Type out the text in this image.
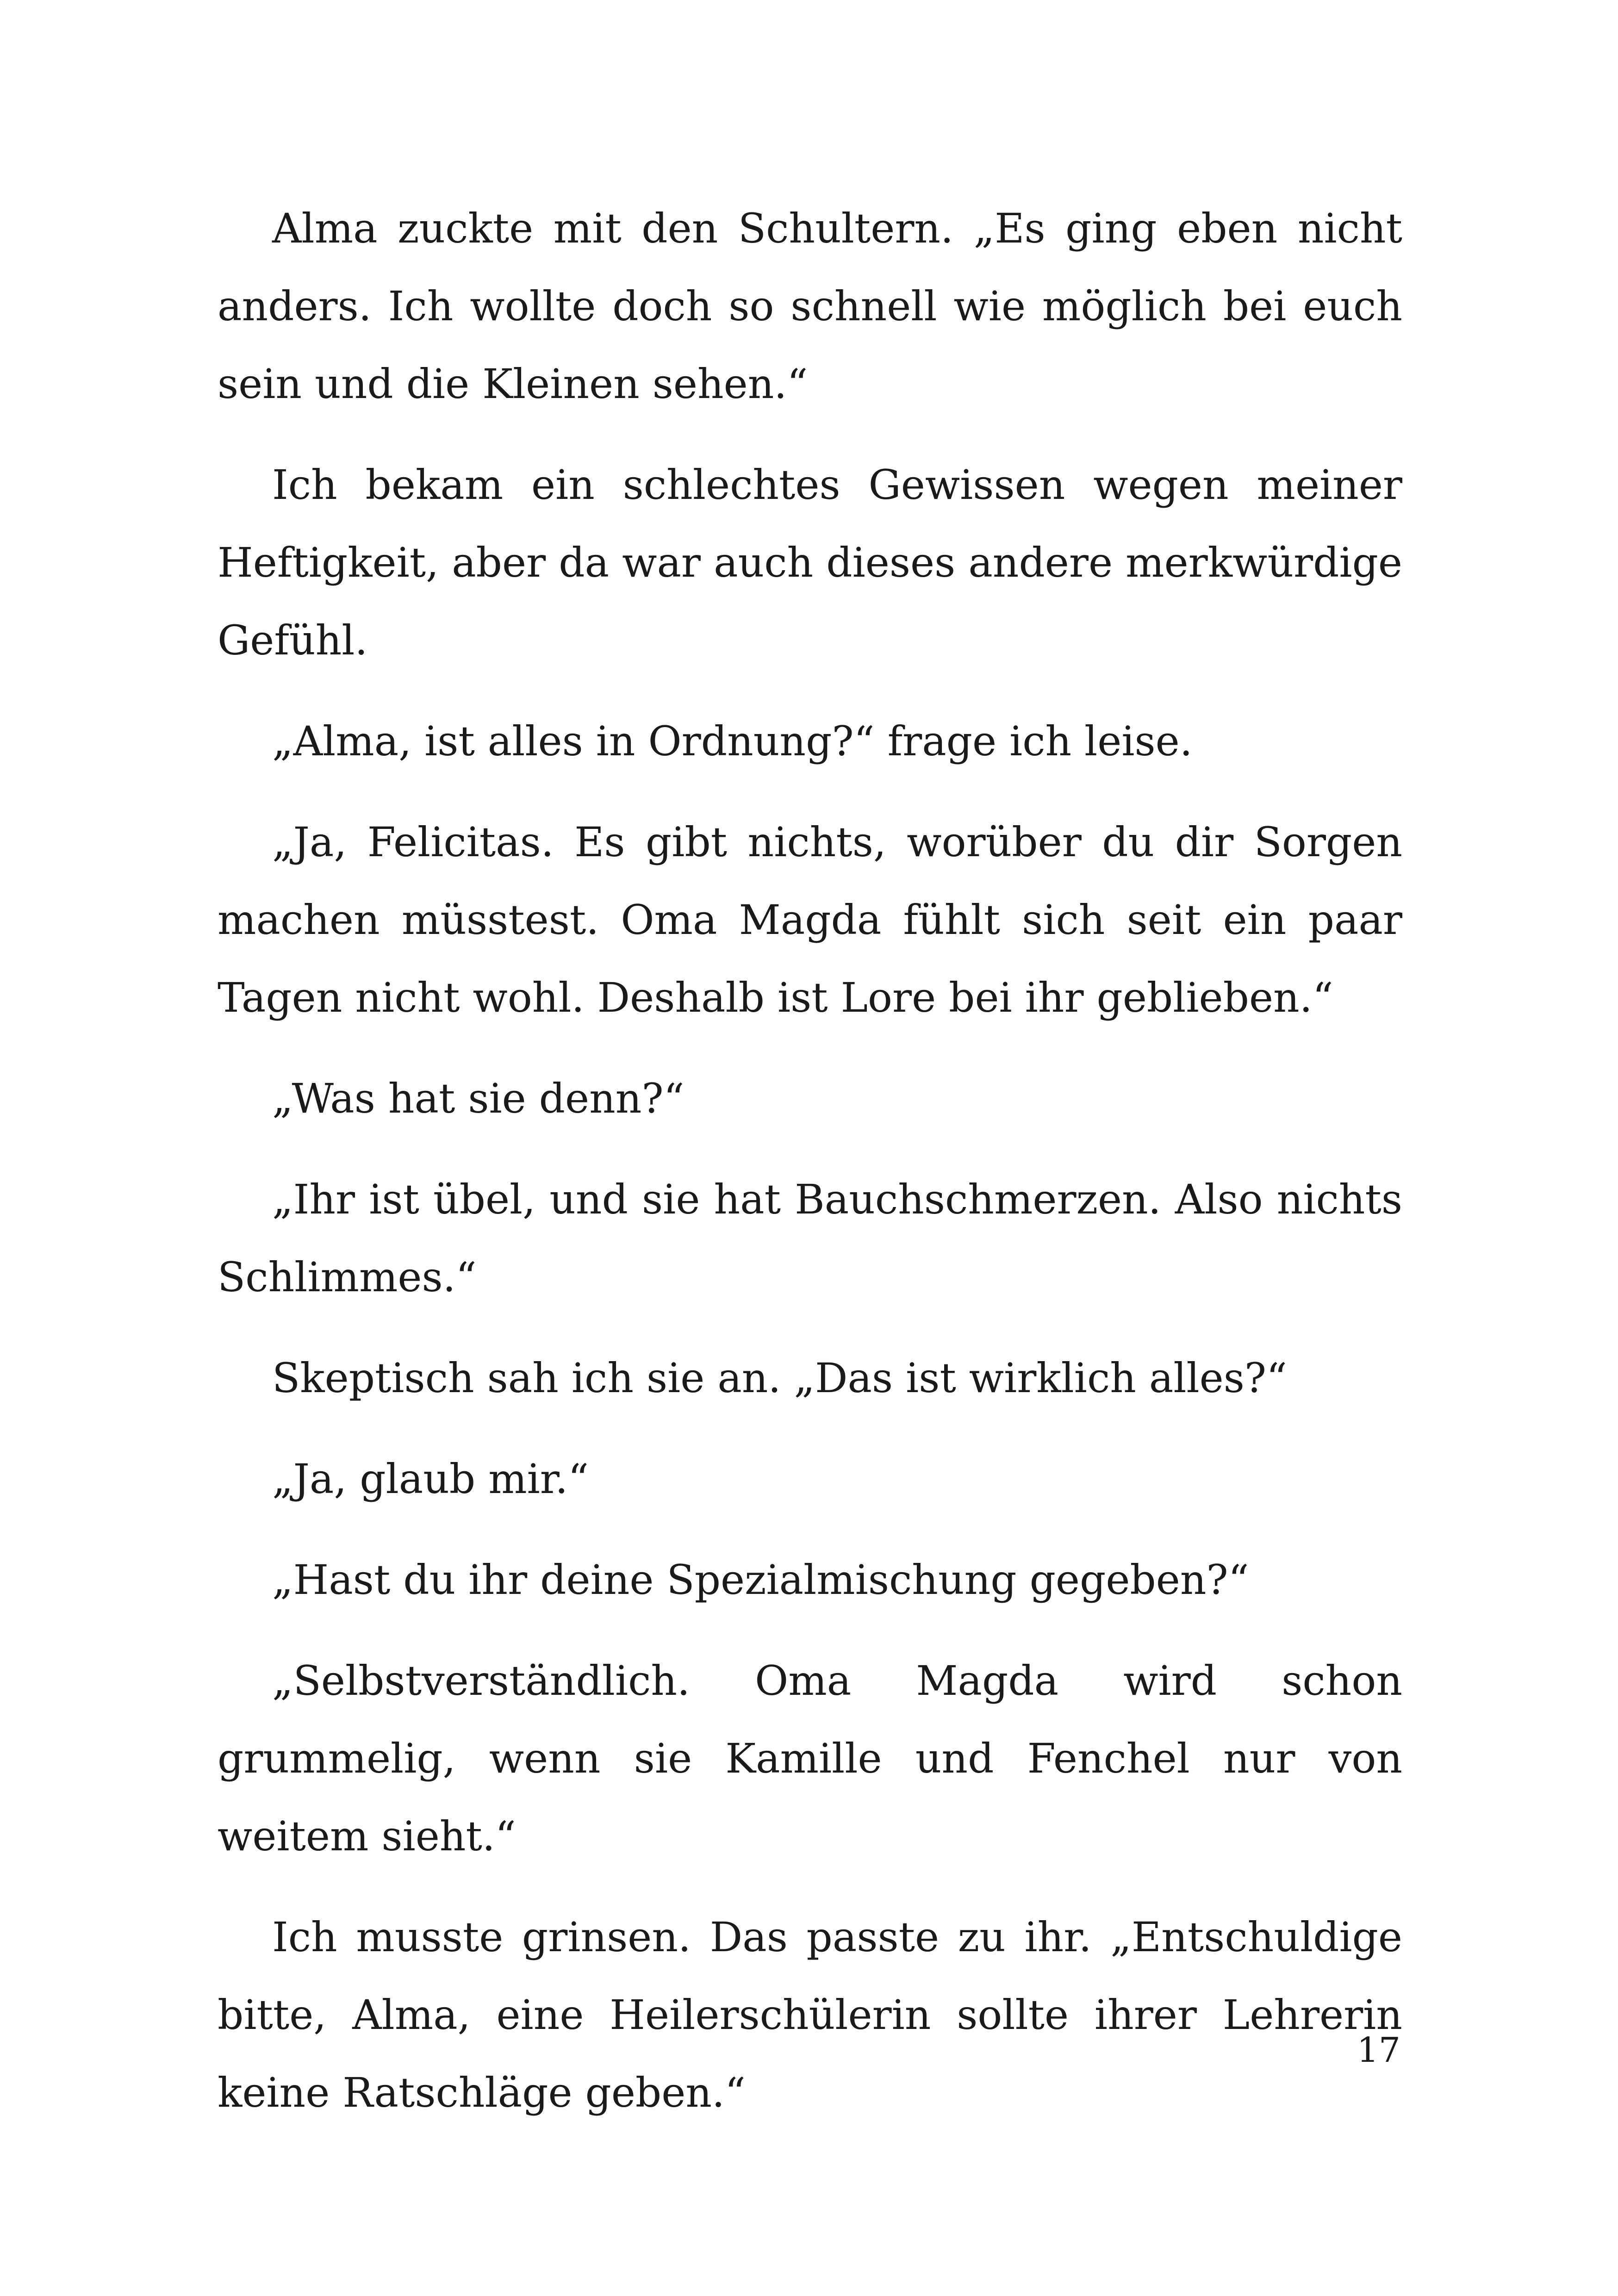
Alma zuckte mit den Schultern. „Es ging eben nicht anders. Ich wollte doch so schnell wie möglich bei euch sein und die Kleinen sehen.“

Ich bekam ein schlechtes Gewissen wegen meiner Heftigkeit, aber da war auch dieses andere merkwürdige Gefühl.

„Alma, ist alles in Ordnung?“ frage ich leise.

„Ja, Felicitas. Es gibt nichts, worüber du dir Sorgen machen müsstest. Oma Magda fühlt sich seit ein paar Tagen nicht wohl. Deshalb ist Lore bei ihr geblieben.“

„Was hat sie denn?“

„Ihr ist übel, und sie hat Bauchschmerzen. Also nichts Schlimmes.“

Skeptisch sah ich sie an. „Das ist wirklich alles?“

„Ja, glaub mir.“

„Hast du ihr deine Spezialmischung gegeben?“

„Selbstverständlich. Oma Magda wird schon grummelig, wenn sie Kamille und Fenchel nur von weitem sieht.“

Ich musste grinsen. Das passte zu ihr. „Entschuldige bitte, Alma, eine Heilerschülerin sollte ihrer Lehrerin keine Ratschläge geben.“

17
